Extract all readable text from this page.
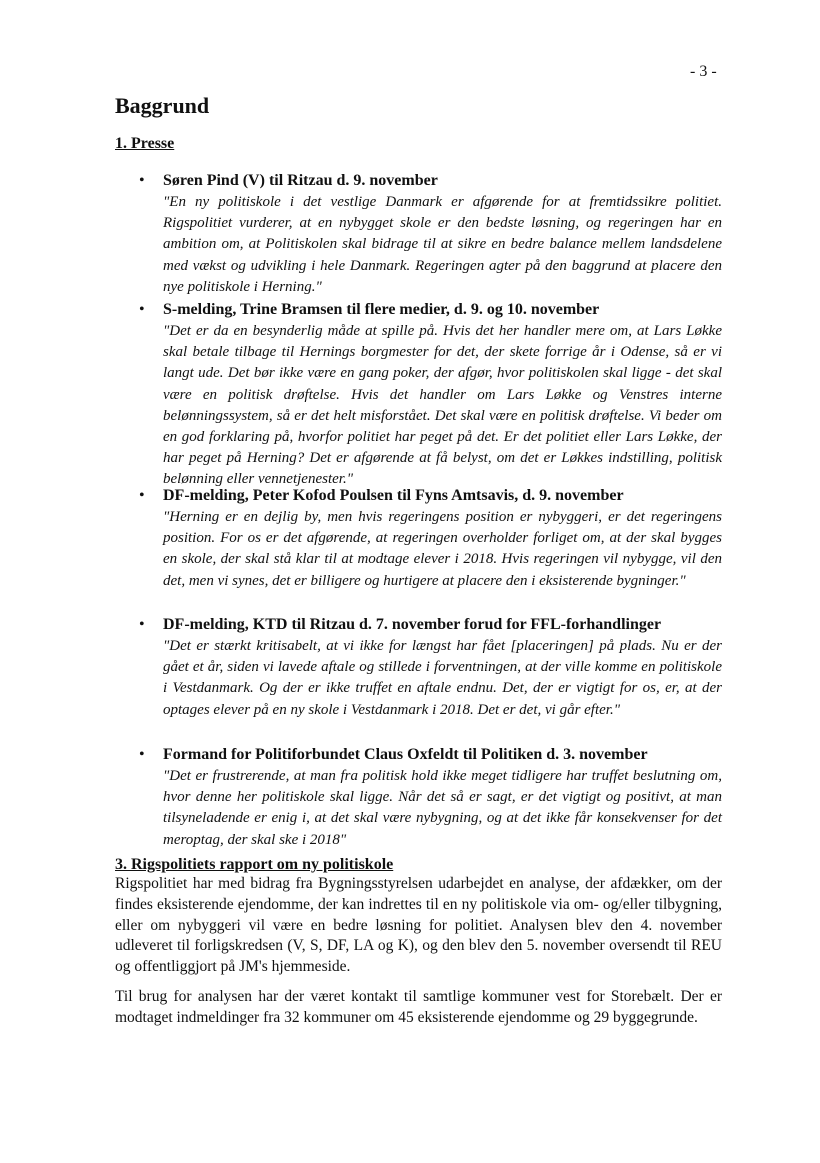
- 3 -
Baggrund
1. Presse
• Søren Pind (V) til Ritzau d. 9. november
"En ny politiskole i det vestlige Danmark er afgørende for at fremtidssikre politiet. Rigspolitiet vurderer, at en nybygget skole er den bedste løsning, og regeringen har en ambition om, at Politiskolen skal bidrage til at sikre en bedre balance mellem landsdelene med vækst og udvikling i hele Danmark. Regeringen agter på den baggrund at placere den nye politiskole i Herning."
• S-melding, Trine Bramsen til flere medier, d. 9. og 10. november
"Det er da en besynderlig måde at spille på. Hvis det her handler mere om, at Lars Løkke skal betale tilbage til Hernings borgmester for det, der skete forrige år i Odense, så er vi langt ude. Det bør ikke være en gang poker, der afgør, hvor politiskolen skal ligge - det skal være en politisk drøftelse. Hvis det handler om Lars Løkke og Venstres interne belønningssystem, så er det helt misforstået. Det skal være en politisk drøftelse. Vi beder om en god forklaring på, hvorfor politiet har peget på det. Er det politiet eller Lars Løkke, der har peget på Herning? Det er afgørende at få belyst, om det er Løkkes indstilling, politisk belønning eller vennetjenester."
• DF-melding, Peter Kofod Poulsen til Fyns Amtsavis, d. 9. november
"Herning er en dejlig by, men hvis regeringens position er nybyggeri, er det regeringens position. For os er det afgørende, at regeringen overholder forliget om, at der skal bygges en skole, der skal stå klar til at modtage elever i 2018. Hvis regeringen vil nybygge, vil den det, men vi synes, det er billigere og hurtigere at placere den i eksisterende bygninger."
• DF-melding, KTD til Ritzau d. 7. november forud for FFL-forhandlinger
"Det er stærkt kritisabelt, at vi ikke for længst har fået [placeringen] på plads. Nu er der gået et år, siden vi lavede aftale og stillede i forventningen, at der ville komme en politiskole i Vestdanmark. Og der er ikke truffet en aftale endnu. Det, der er vigtigt for os, er, at der optages elever på en ny skole i Vestdanmark i 2018. Det er det, vi går efter."
• Formand for Politiforbundet Claus Oxfeldt til Politiken d. 3. november
"Det er frustrerende, at man fra politisk hold ikke meget tidligere har truffet beslutning om, hvor denne her politiskole skal ligge. Når det så er sagt, er det vigtigt og positivt, at man tilsyneladende er enig i, at det skal være nybygning, og at det ikke får konsekvenser for det meroptag, der skal ske i 2018"
3. Rigspolitiets rapport om ny politiskole
Rigspolitiet har med bidrag fra Bygningsstyrelsen udarbejdet en analyse, der afdækker, om der findes eksisterende ejendomme, der kan indrettes til en ny politiskole via om- og/eller tilbygning, eller om nybyggeri vil være en bedre løsning for politiet. Analysen blev den 4. november udleveret til forligskredsen (V, S, DF, LA og K), og den blev den 5. november oversendt til REU og offentliggjort på JM's hjemmeside.
Til brug for analysen har der været kontakt til samtlige kommuner vest for Storebælt. Der er modtaget indmeldinger fra 32 kommuner om 45 eksisterende ejendomme og 29 byggegrunde.
